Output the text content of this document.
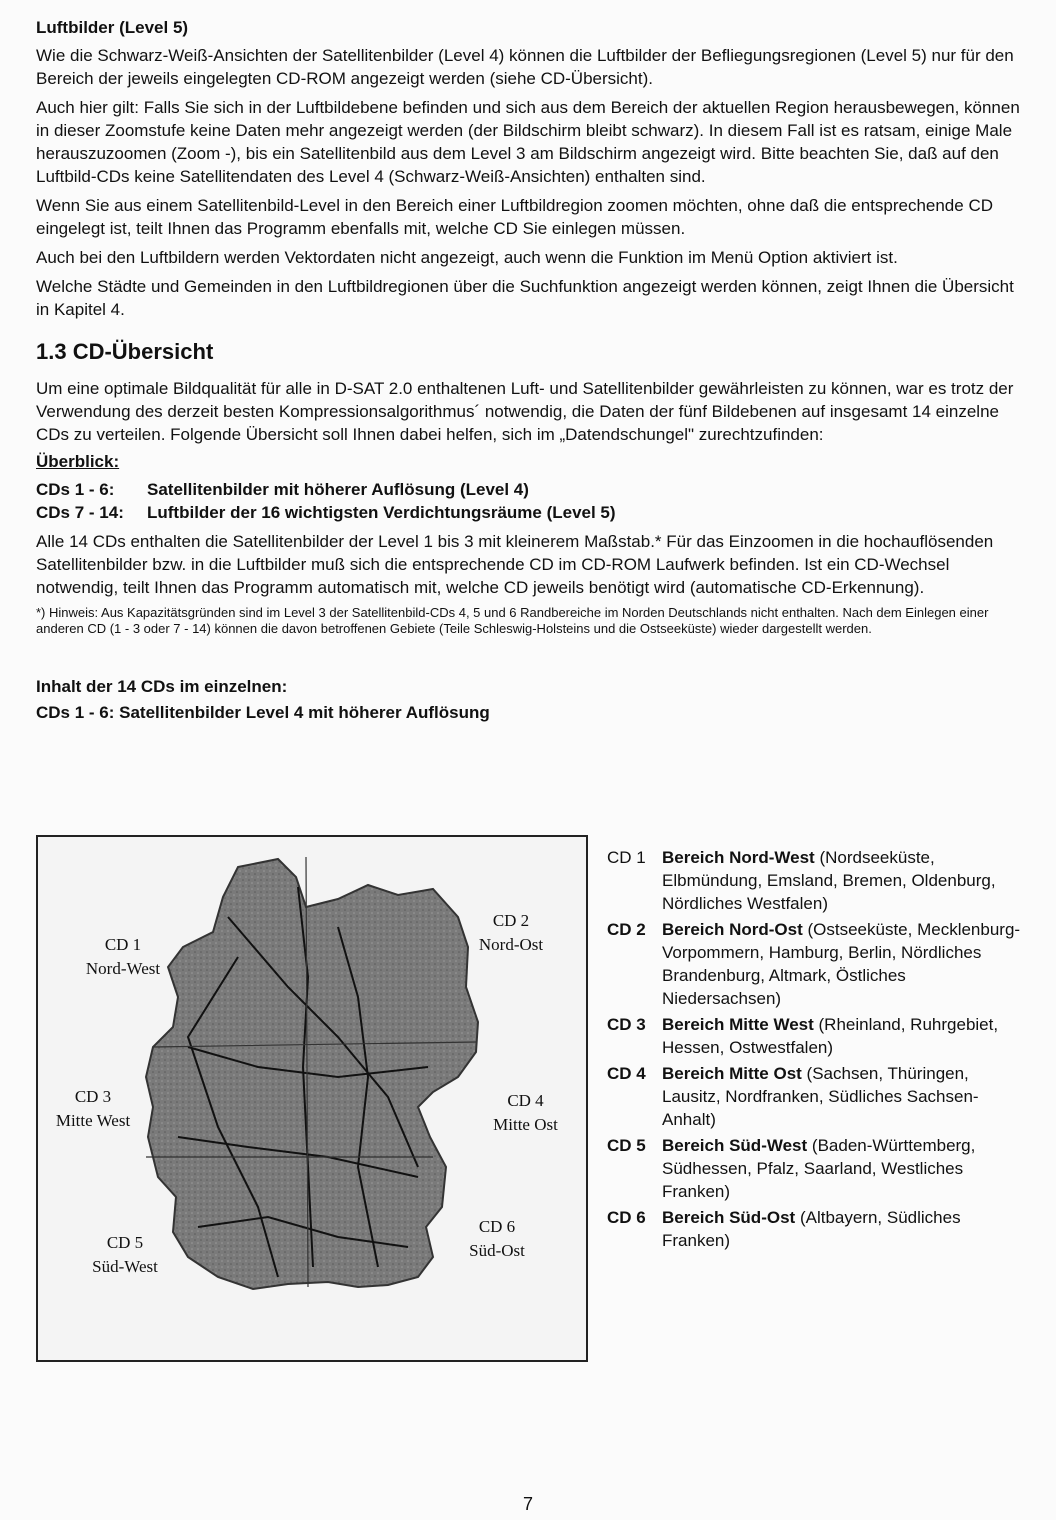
Luftbilder (Level 5)

Wie die Schwarz-Weiß-Ansichten der Satellitenbilder (Level 4) können die Luftbilder der Befliegungsregionen (Level 5) nur für den Bereich der jeweils eingelegten CD-ROM angezeigt werden (siehe CD-Übersicht).

Auch hier gilt: Falls Sie sich in der Luftbildebene befinden und sich aus dem Bereich der aktuellen Region herausbewegen, können in dieser Zoomstufe keine Daten mehr angezeigt werden (der Bildschirm bleibt schwarz). In diesem Fall ist es ratsam, einige Male herauszuzoomen (Zoom -), bis ein Satellitenbild aus dem Level 3 am Bildschirm angezeigt wird. Bitte beachten Sie, daß auf den Luftbild-CDs keine Satellitendaten des Level 4 (Schwarz-Weiß-Ansichten) enthalten sind.

Wenn Sie aus einem Satellitenbild-Level in den Bereich einer Luftbildregion zoomen möchten, ohne daß die entsprechende CD eingelegt ist, teilt Ihnen das Programm ebenfalls mit, welche CD Sie einlegen müssen.

Auch bei den Luftbildern werden Vektordaten nicht angezeigt, auch wenn die Funktion im Menü Option aktiviert ist.

Welche Städte und Gemeinden in den Luftbildregionen über die Suchfunktion angezeigt werden können, zeigt Ihnen die Übersicht in Kapitel 4.

1.3 CD-Übersicht

Um eine optimale Bildqualität für alle in D-SAT 2.0 enthaltenen Luft- und Satellitenbilder gewährleisten zu können, war es trotz der Verwendung des derzeit besten Kompressionsalgorithmus´ notwendig, die Daten der fünf Bildebenen auf insgesamt 14 einzelne CDs zu verteilen. Folgende Übersicht soll Ihnen dabei helfen, sich im „Datendschungel" zurechtzufinden:

Überblick:
CDs 1 - 6: Satellitenbilder mit höherer Auflösung (Level 4)
CDs 7 - 14: Luftbilder der 16 wichtigsten Verdichtungsräume (Level 5)

Alle 14 CDs enthalten die Satellitenbilder der Level 1 bis 3 mit kleinerem Maßstab.* Für das Einzoomen in die hochauflösenden Satellitenbilder bzw. in die Luftbilder muß sich die entsprechende CD im CD-ROM Laufwerk befinden. Ist ein CD-Wechsel notwendig, teilt Ihnen das Programm automatisch mit, welche CD jeweils benötigt wird (automatische CD-Erkennung).

*) Hinweis: Aus Kapazitätsgründen sind im Level 3 der Satellitenbild-CDs 4, 5 und 6 Randbereiche im Norden Deutschlands nicht enthalten. Nach dem Einlegen einer anderen CD (1 - 3 oder 7 - 14) können die davon betroffenen Gebiete (Teile Schleswig-Holsteins und die Ostseeküste) wieder dargestellt werden.
Inhalt der 14 CDs im einzelnen:
CDs 1 - 6: Satellitenbilder Level 4 mit höherer Auflösung
CD 1
Nord-West
CD 2
Nord-Ost
CD 3
Mitte West
CD 4
Mitte Ost
CD 5
Süd-West
CD 6
Süd-Ost
CD 1 Bereich Nord-West (Nordseeküste, Elbmündung, Emsland, Bremen, Oldenburg, Nördliches Westfalen)
CD 2 Bereich Nord-Ost (Ostseeküste, Mecklenburg-Vorpommern, Hamburg, Berlin, Nördliches Brandenburg, Altmark, Östliches Niedersachsen)
CD 3 Bereich Mitte West (Rheinland, Ruhrgebiet, Hessen, Ostwestfalen)
CD 4 Bereich Mitte Ost (Sachsen, Thüringen, Lausitz, Nordfranken, Südliches Sachsen-Anhalt)
CD 5 Bereich Süd-West (Baden-Württemberg, Südhessen, Pfalz, Saarland, Westliches Franken)
CD 6 Bereich Süd-Ost (Altbayern, Südliches Franken)
7
